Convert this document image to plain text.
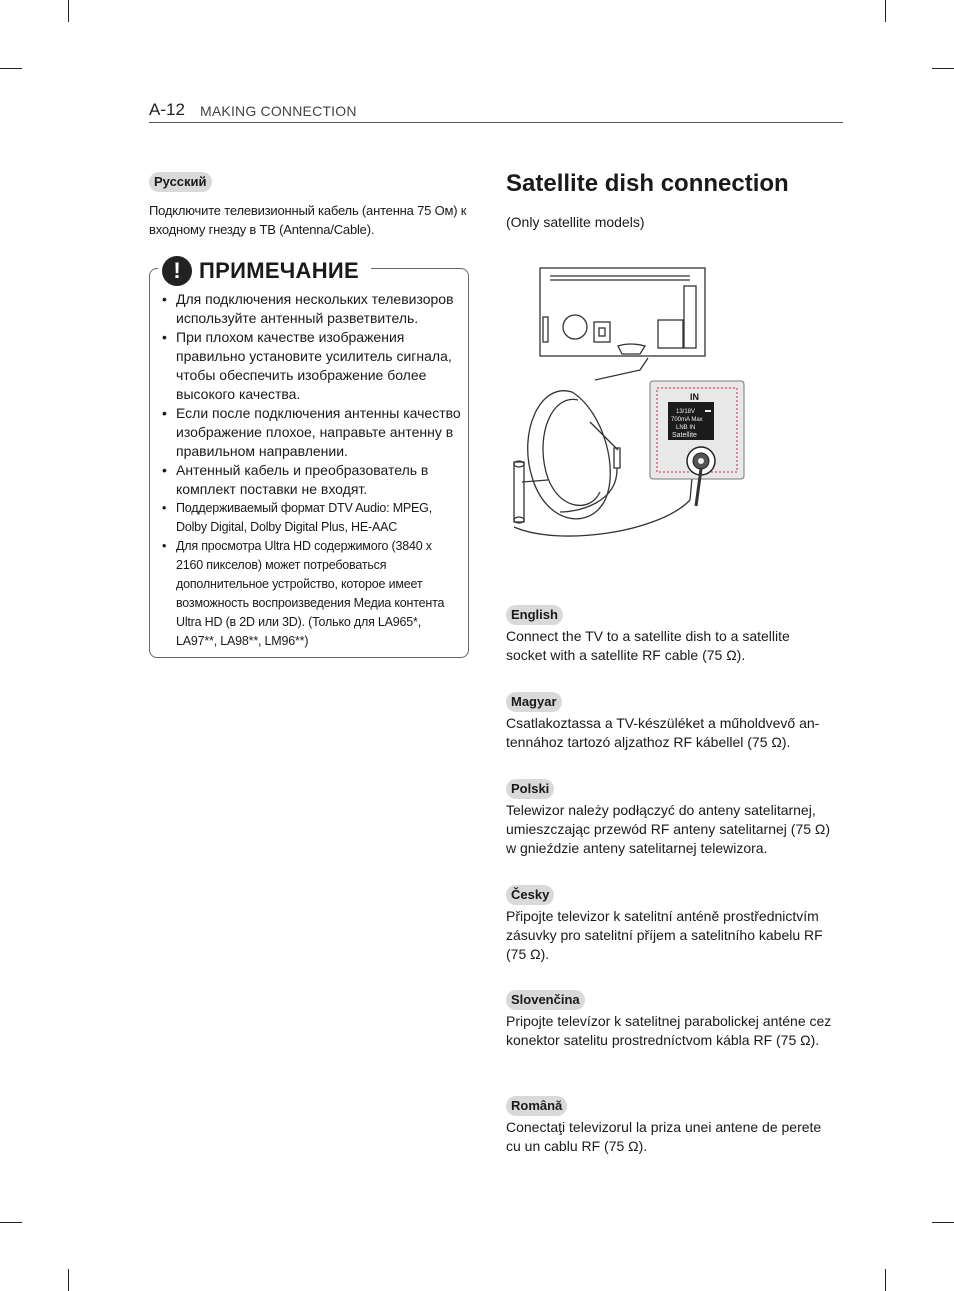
A-12 MAKING CONNECTION
Русский
Подключите телевизионный кабель (антенна 75 Ом) к входному гнезду в ТВ (Antenna/Cable).
! ПРИМЕЧАНИЕ
• Для подключения нескольких телевизоров используйте антенный разветвитель.
• При плохом качестве изображения правильно установите усилитель сигнала, чтобы обеспечить изображение более высокого качества.
• Если после подключения антенны качество изображение плохое, направьте антенну в правильном направлении.
• Антенный кабель и преобразователь в комплект поставки не входят.
• Поддерживаемый формат DTV Audio: MPEG, Dolby Digital, Dolby Digital Plus, HE-AAC
• Для просмотра Ultra HD содержимого (3840 x 2160 пикселов) может потребоваться дополнительное устройство, которое имеет возможность воспроизведения Медиа контента Ultra HD (в 2D или 3D). (Только для LA965*, LA97**, LA98**, LM96**)
Satellite dish connection
(Only satellite models)
IN
13/18V
700mA Max
LNB IN
Satellite
English
Connect the TV to a satellite dish to a satellite socket with a satellite RF cable (75 Ω).
Magyar
Csatlakoztassa a TV-készüléket a műholdvevő an-tennához tartozó aljzathoz RF kábellel (75 Ω).
Polski
Telewizor należy podłączyć do anteny satelitarnej, umieszczając przewód RF anteny satelitarnej (75 Ω) w gnieździe anteny satelitarnej telewizora.
Česky
Připojte televizor k satelitní anténě prostřednictvím zásuvky pro satelitní příjem a satelitního kabelu RF (75 Ω).
Slovenčina
Pripojte televízor k satelitnej parabolickej anténe cez konektor satelitu prostredníctvom kábla RF (75 Ω).
Română
Conectaţi televizorul la priza unei antene de perete cu un cablu RF (75 Ω).
